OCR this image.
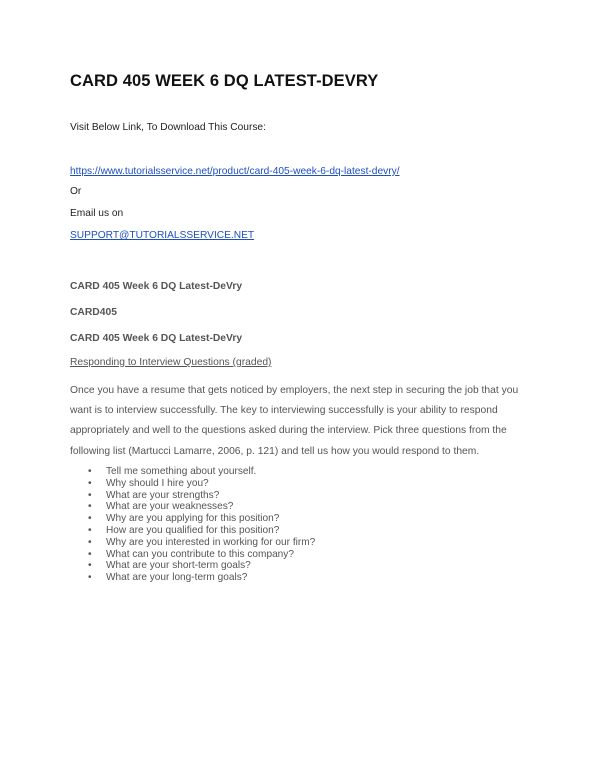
CARD 405 WEEK 6 DQ LATEST-DEVRY

Visit Below Link, To Download This Course:

https://www.tutorialsservice.net/product/card-405-week-6-dq-latest-devry/

Or

Email us on

SUPPORT@TUTORIALSSERVICE.NET

CARD 405 Week 6 DQ Latest-DeVry

CARD405

CARD 405 Week 6 DQ Latest-DeVry

Responding to Interview Questions (graded)

Once you have a resume that gets noticed by employers, the next step in securing the job that you want is to interview successfully. The key to interviewing successfully is your ability to respond appropriately and well to the questions asked during the interview. Pick three questions from the following list (Martucci Lamarre, 2006, p. 121) and tell us how you would respond to them.

• Tell me something about yourself.
• Why should I hire you?
• What are your strengths?
• What are your weaknesses?
• Why are you applying for this position?
• How are you qualified for this position?
• Why are you interested in working for our firm?
• What can you contribute to this company?
• What are your short-term goals?
• What are your long-term goals?
